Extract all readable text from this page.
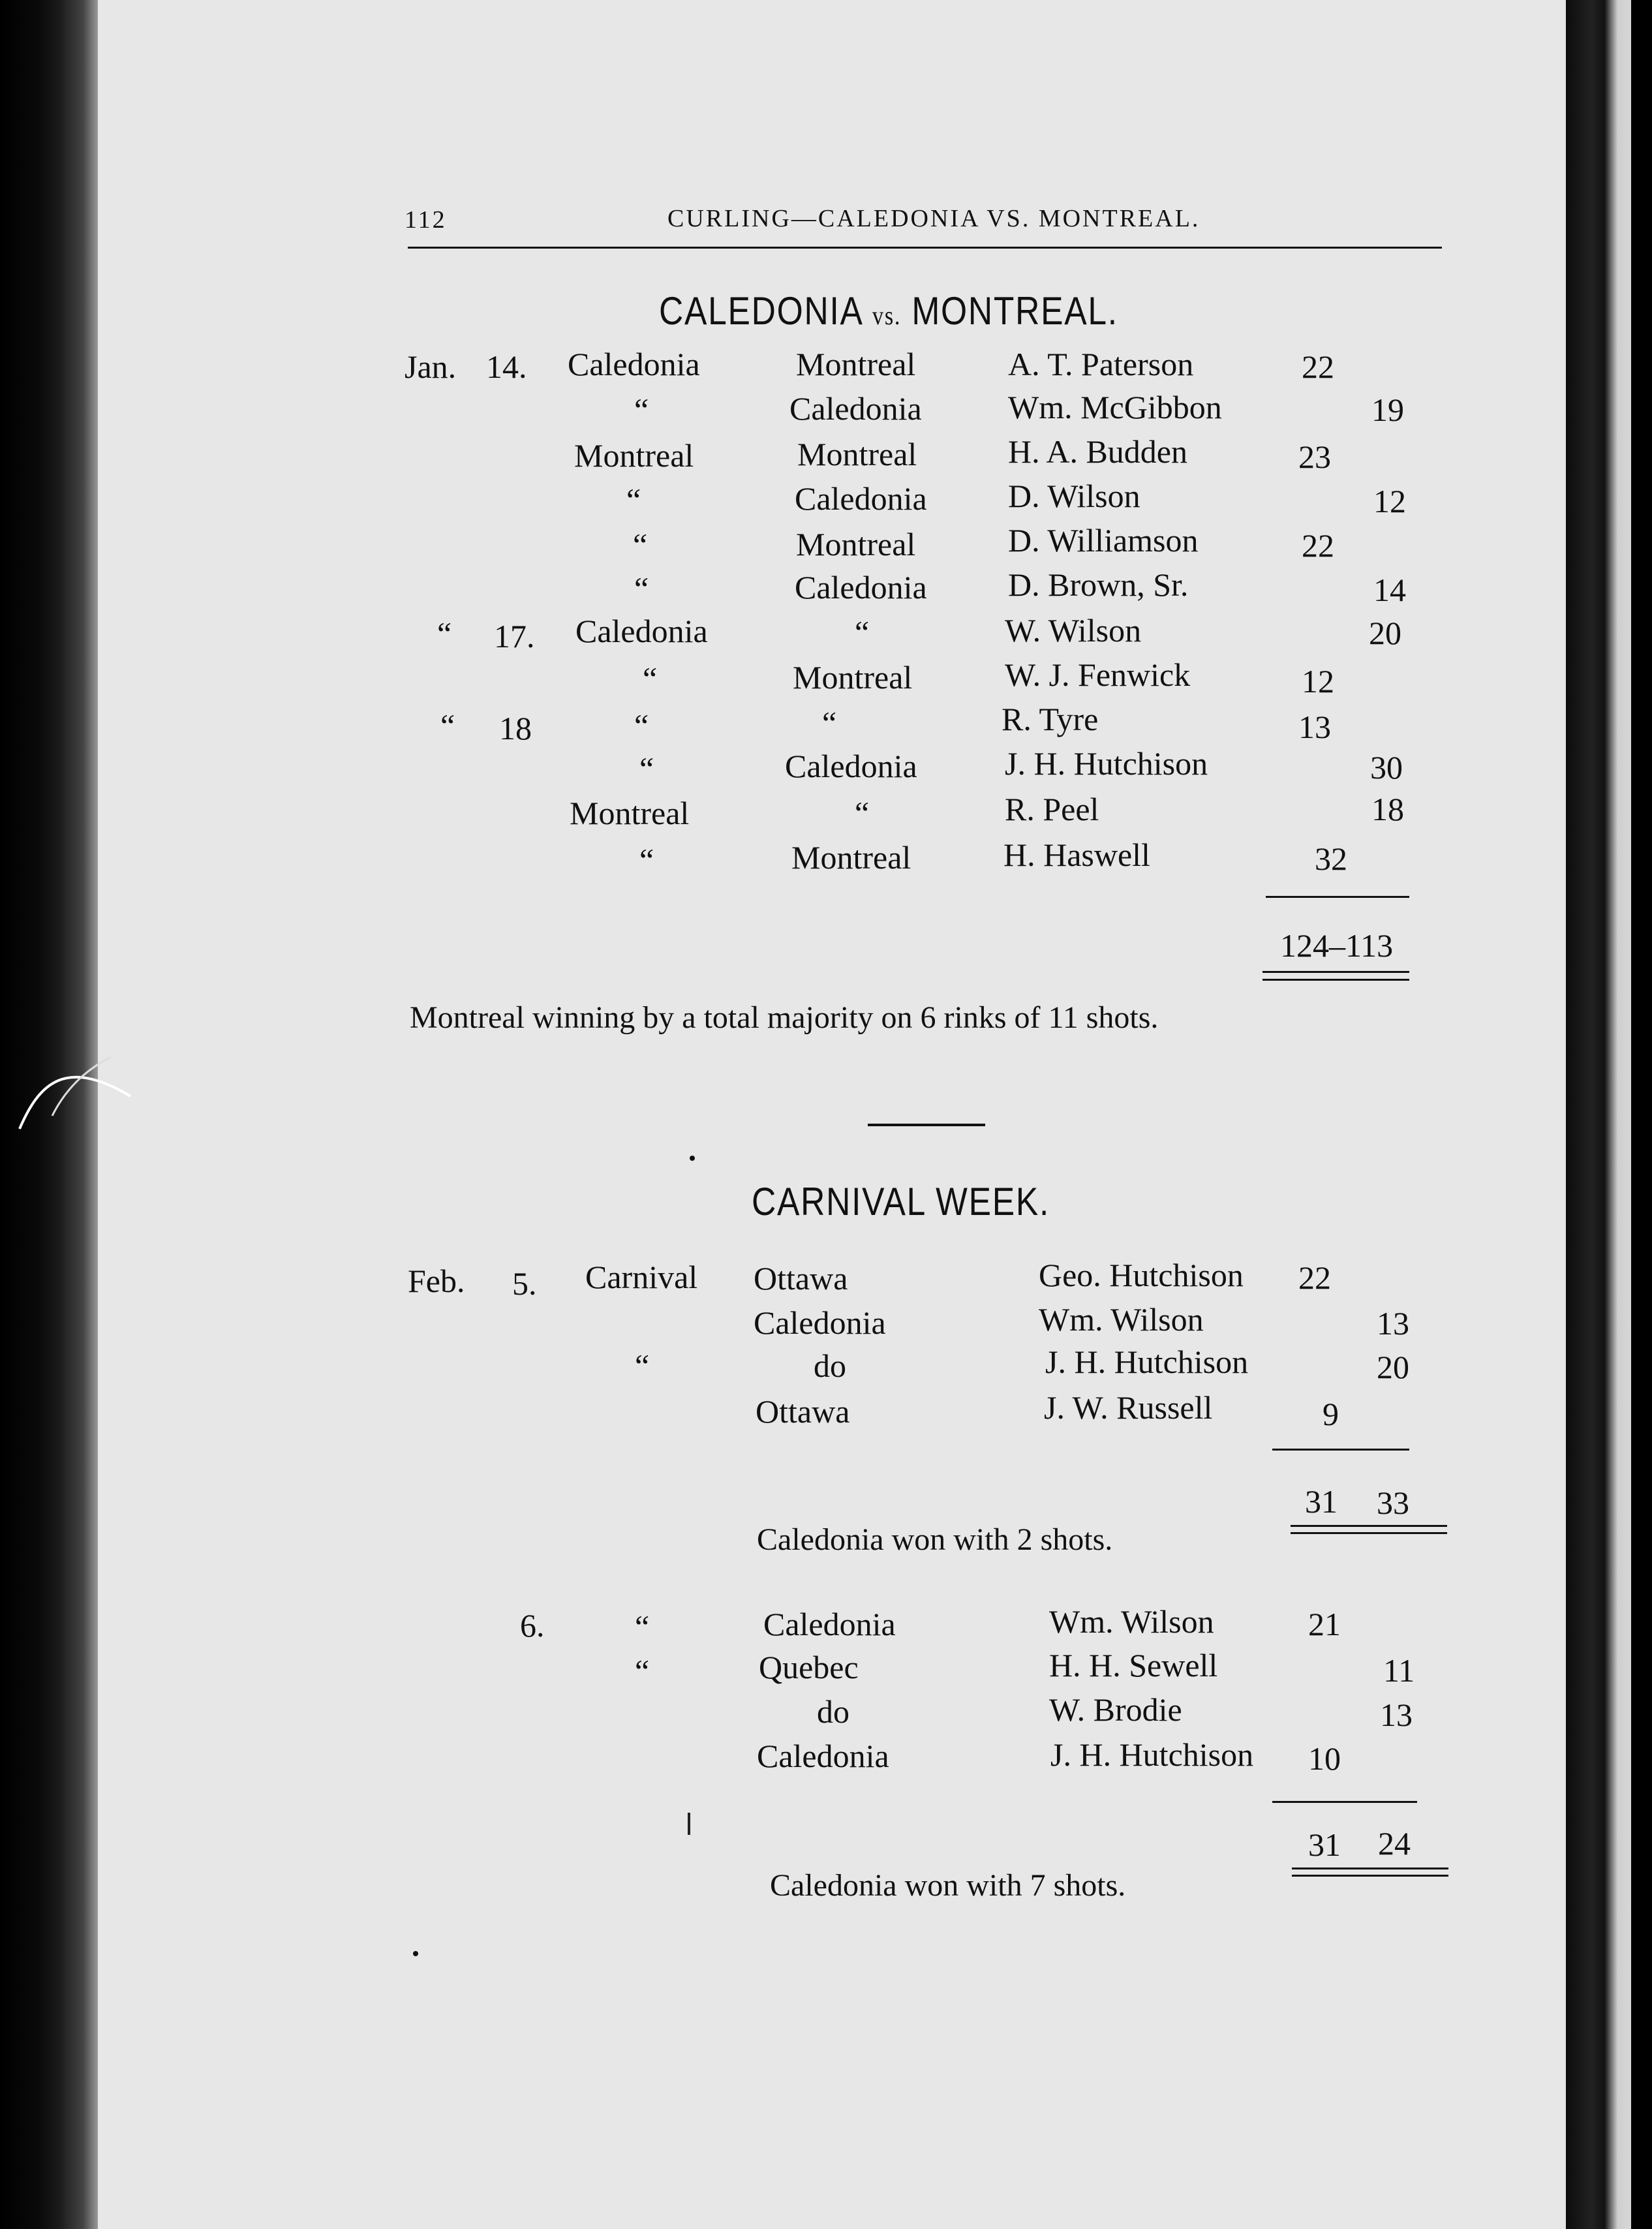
112	CURLING—CALEDONIA VS. MONTREAL.
CALEDONIA vs. MONTREAL.
Jan. 14. Caledonia	Montreal	A. T. Paterson	22
“	Caledonia	Wm. McGibbon	19
Montreal	Montreal	H. A. Budden	23
“	Caledonia D. Wilson	12
“	Montreal	D. Williamson	22
“	Caledonia D. Brown, Sr.	14
“ 17. Caledonia	“	W. Wilson	20
“	Montreal	W. J. Fenwick	12
“ 18	“	“	R. Tyre	13
“	Caledonia	J. H. Hutchison	30
Montreal	“	R. Peel	18
“	Montreal	H. Haswell	32
124–113
Montreal winning by a total majority on 6 rinks of 11 shots.
CARNIVAL WEEK.
Feb. 5. Carnival Ottawa	Geo. Hutchison 22
Caledonia	Wm. Wilson	13
“	do	J. H. Hutchison	20
Ottawa	J. W. Russell	9
31 33
Caledonia won with 2 shots.
6.	“	Caledonia	Wm. Wilson	21
“	Quebec	H. H. Sewell	11
do	W. Brodie	13
Caledonia	J. H. Hutchison 10
31 24
Caledonia won with 7 shots.
